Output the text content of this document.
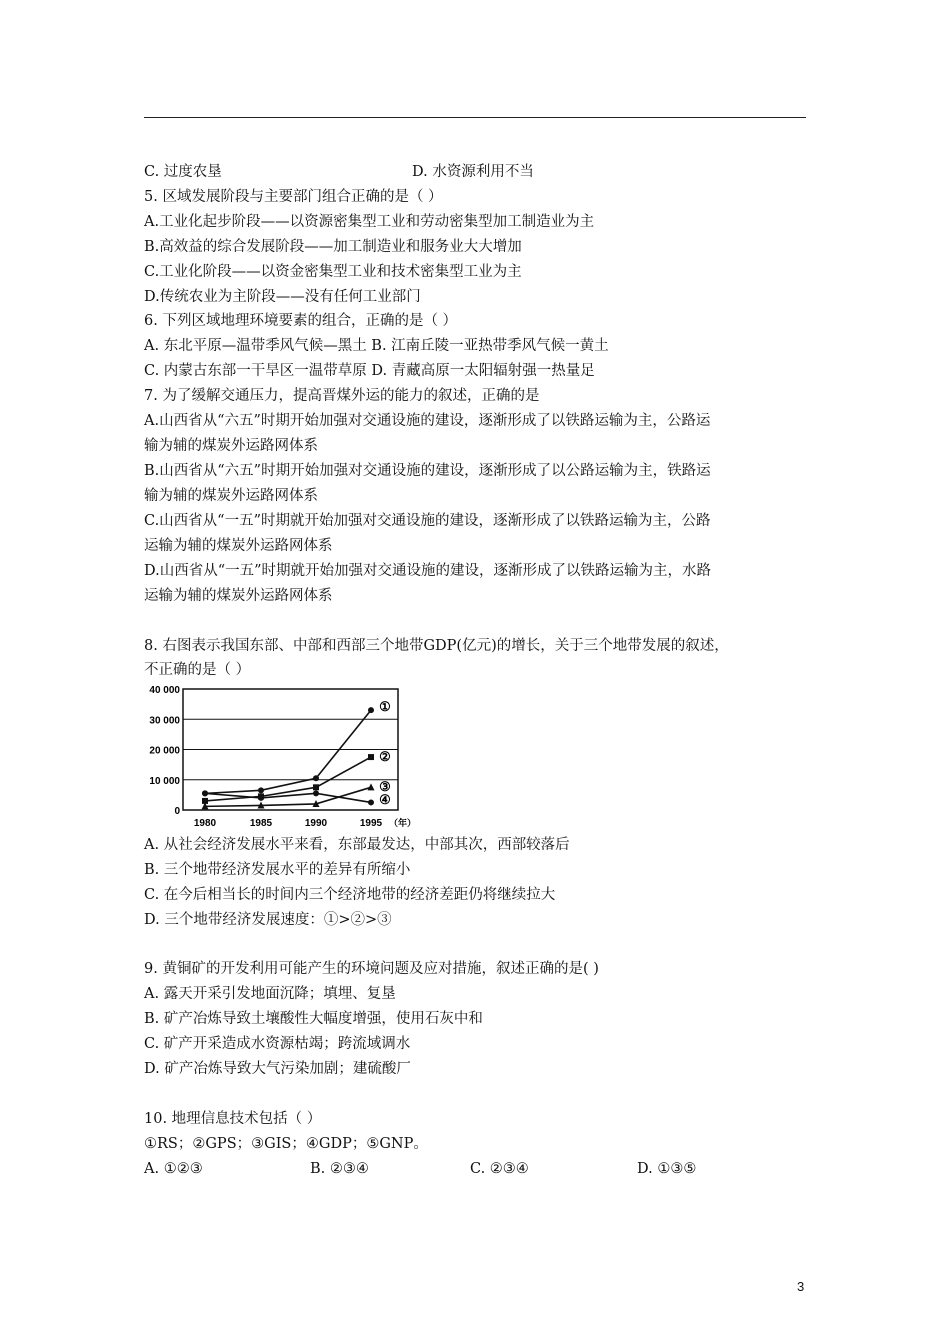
C. 过度农垦	D. 水资源利用不当
5. 区域发展阶段与主要部门组合正确的是（ ）
A.工业化起步阶段——以资源密集型工业和劳动密集型加工制造业为主
B.高效益的综合发展阶段——加工制造业和服务业大大增加
C.工业化阶段——以资金密集型工业和技术密集型工业为主
D.传统农业为主阶段——没有任何工业部门
6. 下列区域地理环境要素的组合，正确的是（ ）
A. 东北平原—温带季风气候—黑土 B. 江南丘陵一亚热带季风气候一黄土
C. 内蒙古东部一干旱区一温带草原 D. 青藏高原一太阳辐射强一热量足
7. 为了缓解交通压力，提高晋煤外运的能力的叙述，正确的是
A.山西省从“六五”时期开始加强对交通设施的建设，逐渐形成了以铁路运输为主，公路运
输为辅的煤炭外运路网体系
B.山西省从“六五”时期开始加强对交通设施的建设，逐渐形成了以公路运输为主，铁路运
输为辅的煤炭外运路网体系
C.山西省从“一五”时期就开始加强对交通设施的建设，逐渐形成了以铁路运输为主，公路
运输为辅的煤炭外运路网体系
D.山西省从“一五”时期就开始加强对交通设施的建设，逐渐形成了以铁路运输为主，水路
运输为辅的煤炭外运路网体系
8. 右图表示我国东部、中部和西部三个地带GDP(亿元)的增长，关于三个地带发展的叙述，
不正确的是（ ）
0
10 000
20 000
30 000
40 000
1980	1985	1990	1995 （年）
①
②
③
④
A. 从社会经济发展水平来看，东部最发达，中部其次，西部较落后
B. 三个地带经济发展水平的差异有所缩小
C. 在今后相当长的时间内三个经济地带的经济差距仍将继续拉大
D. 三个地带经济发展速度：①>②>③
9. 黄铜矿的开发利用可能产生的环境问题及应对措施，叙述正确的是( )
A. 露天开采引发地面沉降；填埋、复垦
B. 矿产冶炼导致土壤酸性大幅度增强，使用石灰中和
C. 矿产开采造成水资源枯竭；跨流域调水
D. 矿产冶炼导致大气污染加剧；建硫酸厂
10. 地理信息技术包括（ ）
①RS；②GPS；③GIS；④GDP；⑤GNP。
A. ①②③	B. ②③④	C. ②③④	D. ①③⑤
3
